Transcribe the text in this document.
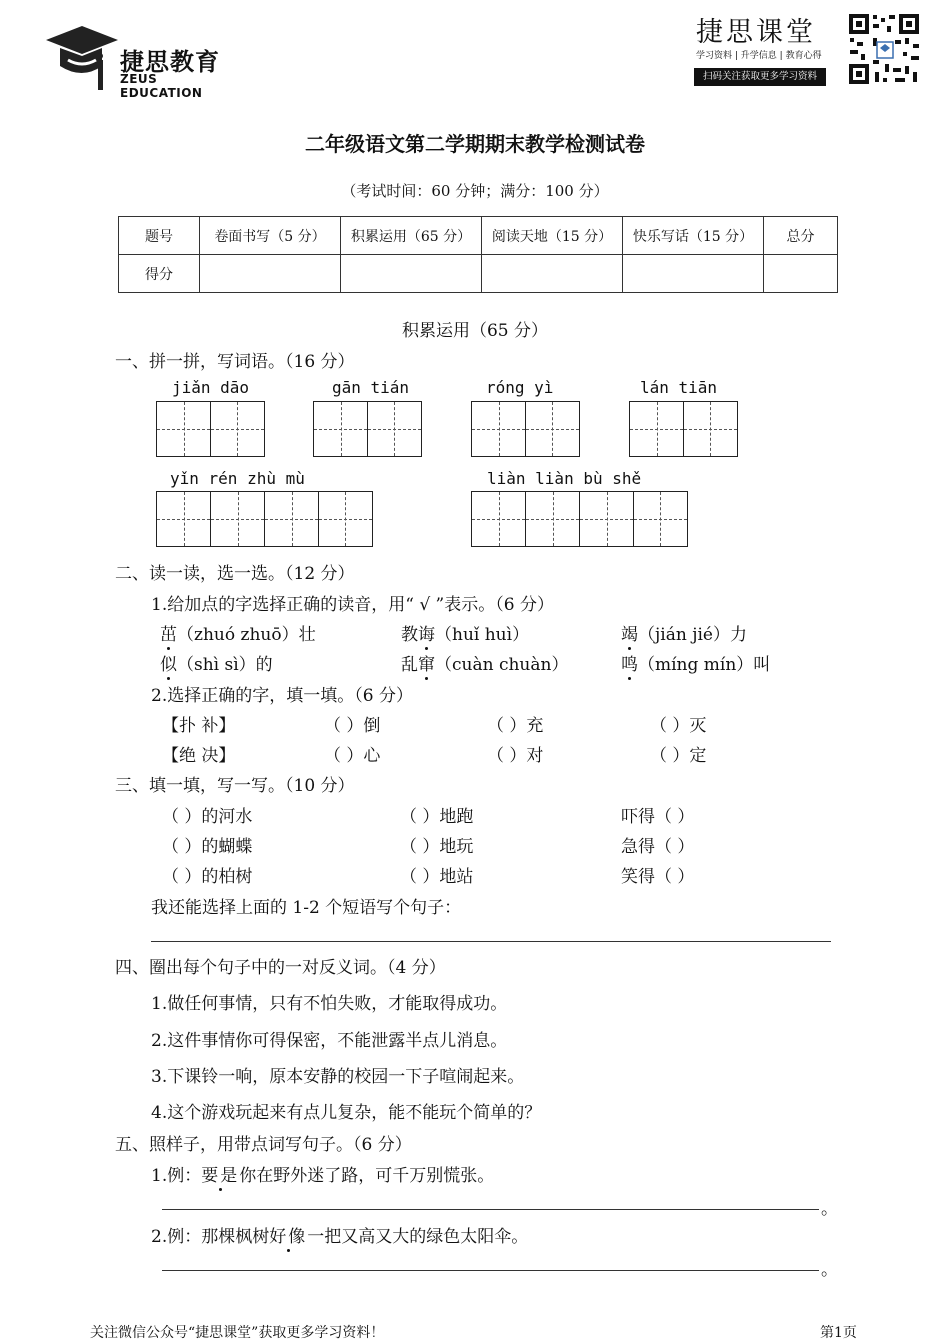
捷思教育
ZEUS EDUCATION
捷思课堂
学习资料 | 升学信息 | 教育心得
扫码关注获取更多学习资料
二年级语文第二学期期末教学检测试卷
（考试时间：60 分钟；满分：100 分）
题号	卷面书写（5 分）	积累运用（65 分）	阅读天地（15 分）	快乐写话（15 分）	总分
得分					
积累运用（65 分）
一、拼一拼，写词语。（16 分）
jiǎn dāo	gān tián	róng yì	lán tiān
yǐn rén zhù mù	liàn liàn bù shě
二、读一读，选一选。（12 分）
1.给加点的字选择正确的读音，用“ √ ”表示。（6 分）
茁（zhuó zhuō）壮	教诲（huǐ huì）	竭（jián jié）力
似（shì sì）的	乱窜（cuàn chuàn）	鸣（míng mín）叫
2.选择正确的字，填一填。（6 分）
【扑 补】	（ ）倒	（ ）充	（ ）灭
【绝 决】	（ ）心	（ ）对	（ ）定
三、填一填，写一写。（10 分）
（ ）的河水	（ ）地跑	吓得（ ）
（ ）的蝴蝶	（ ）地玩	急得（ ）
（ ）的柏树	（ ）地站	笑得（ ）
我还能选择上面的 1-2 个短语写个句子：
四、圈出每个句子中的一对反义词。（4 分）
1.做任何事情，只有不怕失败，才能取得成功。
2.这件事情你可得保密，不能泄露半点儿消息。
3.下课铃一响，原本安静的校园一下子喧闹起来。
4.这个游戏玩起来有点儿复杂，能不能玩个简单的？
五、照样子，用带点词写句子。（6 分）
1.例：要是你在野外迷了路，可千万别慌张。
。
2.例：那棵枫树好像一把又高又大的绿色太阳伞。
。
关注微信公众号“捷思课堂”获取更多学习资料！	第1页
